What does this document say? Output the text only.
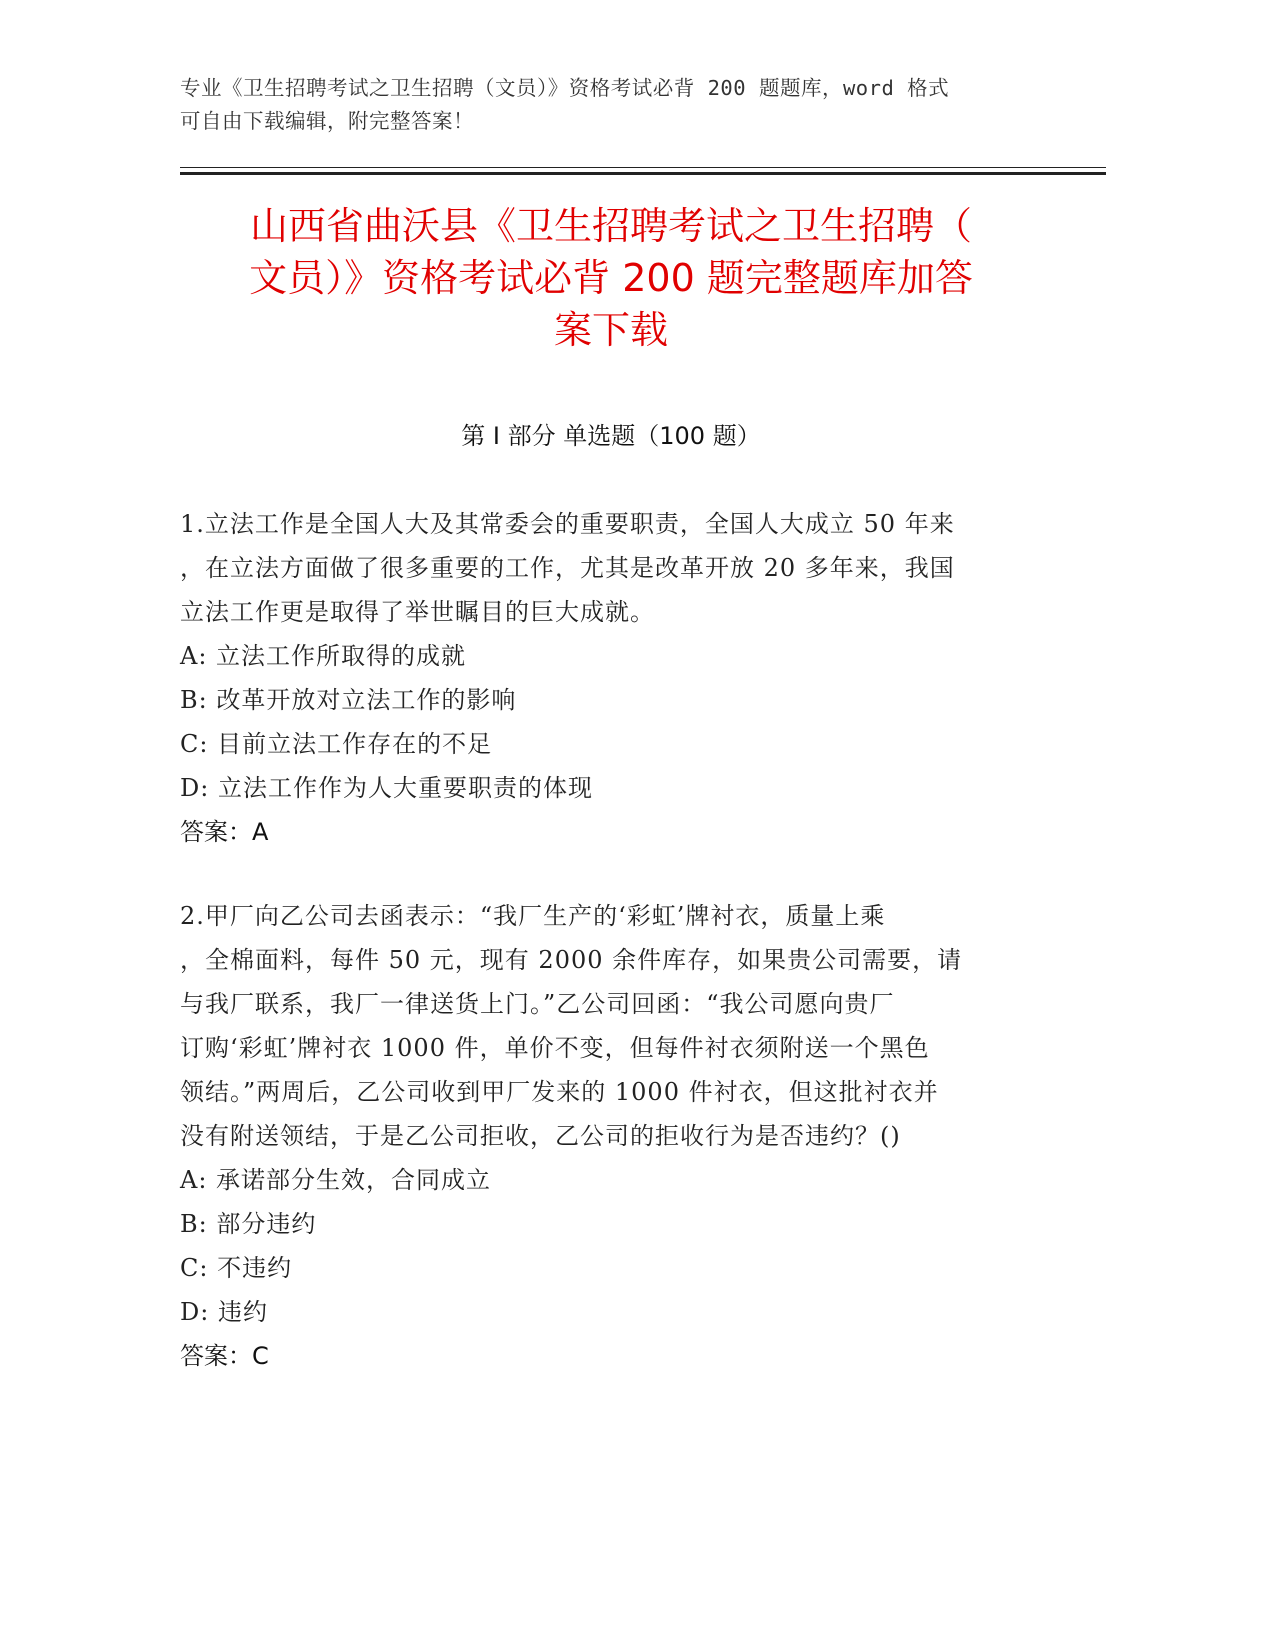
专业《卫生招聘考试之卫生招聘（文员）》资格考试必背 200 题题库，word 格式
可自由下载编辑，附完整答案！
山西省曲沃县《卫生招聘考试之卫生招聘（
文员）》资格考试必背 200 题完整题库加答
案下载
第 I 部分 单选题（100 题）
1.立法工作是全国人大及其常委会的重要职责，全国人大成立 50 年来
，在立法方面做了很多重要的工作，尤其是改革开放 20 多年来，我国
立法工作更是取得了举世瞩目的巨大成就。
A: 立法工作所取得的成就
B: 改革开放对立法工作的影响
C: 目前立法工作存在的不足
D: 立法工作作为人大重要职责的体现
答案：A
2.甲厂向乙公司去函表示：“我厂生产的‘彩虹’牌衬衣，质量上乘
，全棉面料，每件 50 元，现有 2000 余件库存，如果贵公司需要，请
与我厂联系，我厂一律送货上门。”乙公司回函：“我公司愿向贵厂
订购‘彩虹’牌衬衣 1000 件，单价不变，但每件衬衣须附送一个黑色
领结。”两周后，乙公司收到甲厂发来的 1000 件衬衣，但这批衬衣并
没有附送领结，于是乙公司拒收，乙公司的拒收行为是否违约？()
A: 承诺部分生效，合同成立
B: 部分违约
C: 不违约
D: 违约
答案：C
